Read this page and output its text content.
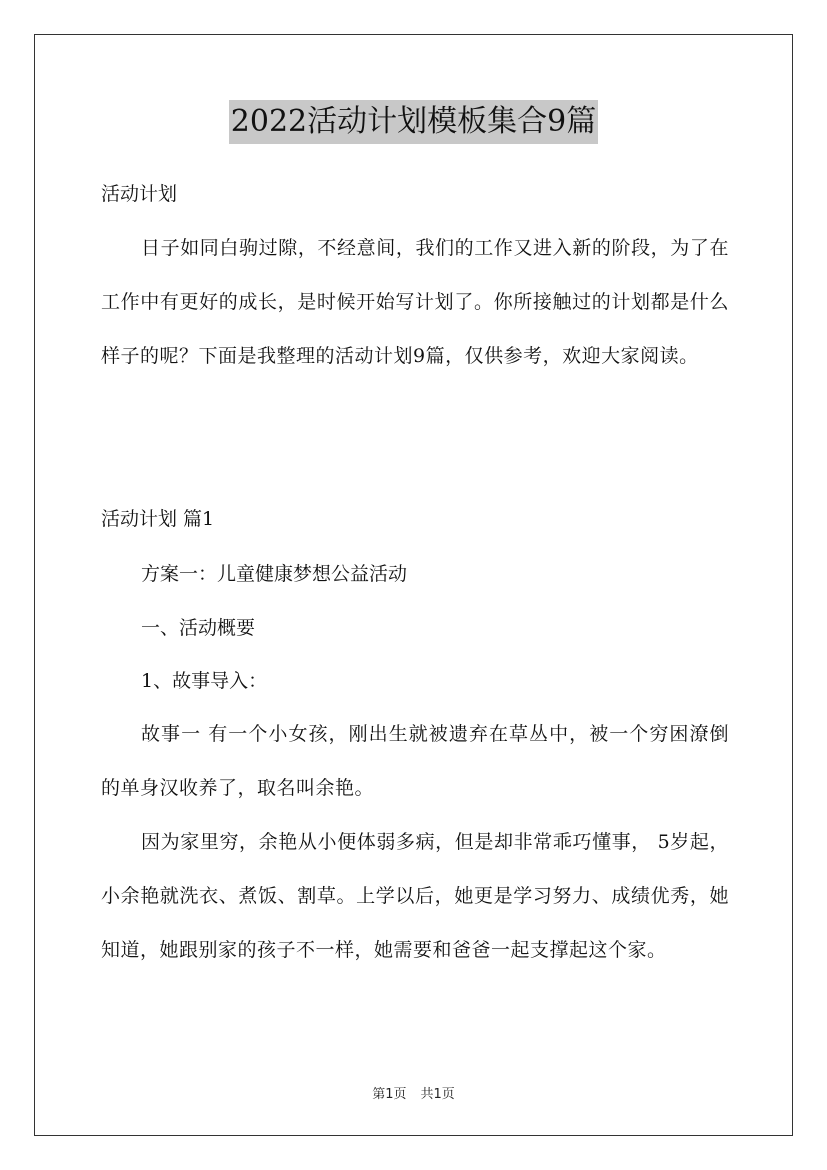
2022活动计划模板集合9篇

活动计划

日子如同白驹过隙，不经意间，我们的工作又进入新的阶段，为了在工作中有更好的成长，是时候开始写计划了。你所接触过的计划都是什么样子的呢？下面是我整理的活动计划9篇，仅供参考，欢迎大家阅读。

活动计划 篇1

方案一：儿童健康梦想公益活动

一、活动概要

1、故事导入：

故事一 有一个小女孩，刚出生就被遗弃在草丛中，被一个穷困潦倒的单身汉收养了，取名叫余艳。

因为家里穷，余艳从小便体弱多病，但是却非常乖巧懂事， 5岁起，小余艳就洗衣、煮饭、割草。上学以后，她更是学习努力、成绩优秀，她知道，她跟别家的孩子不一样，她需要和爸爸一起支撑起这个家。

第1页 共1页
